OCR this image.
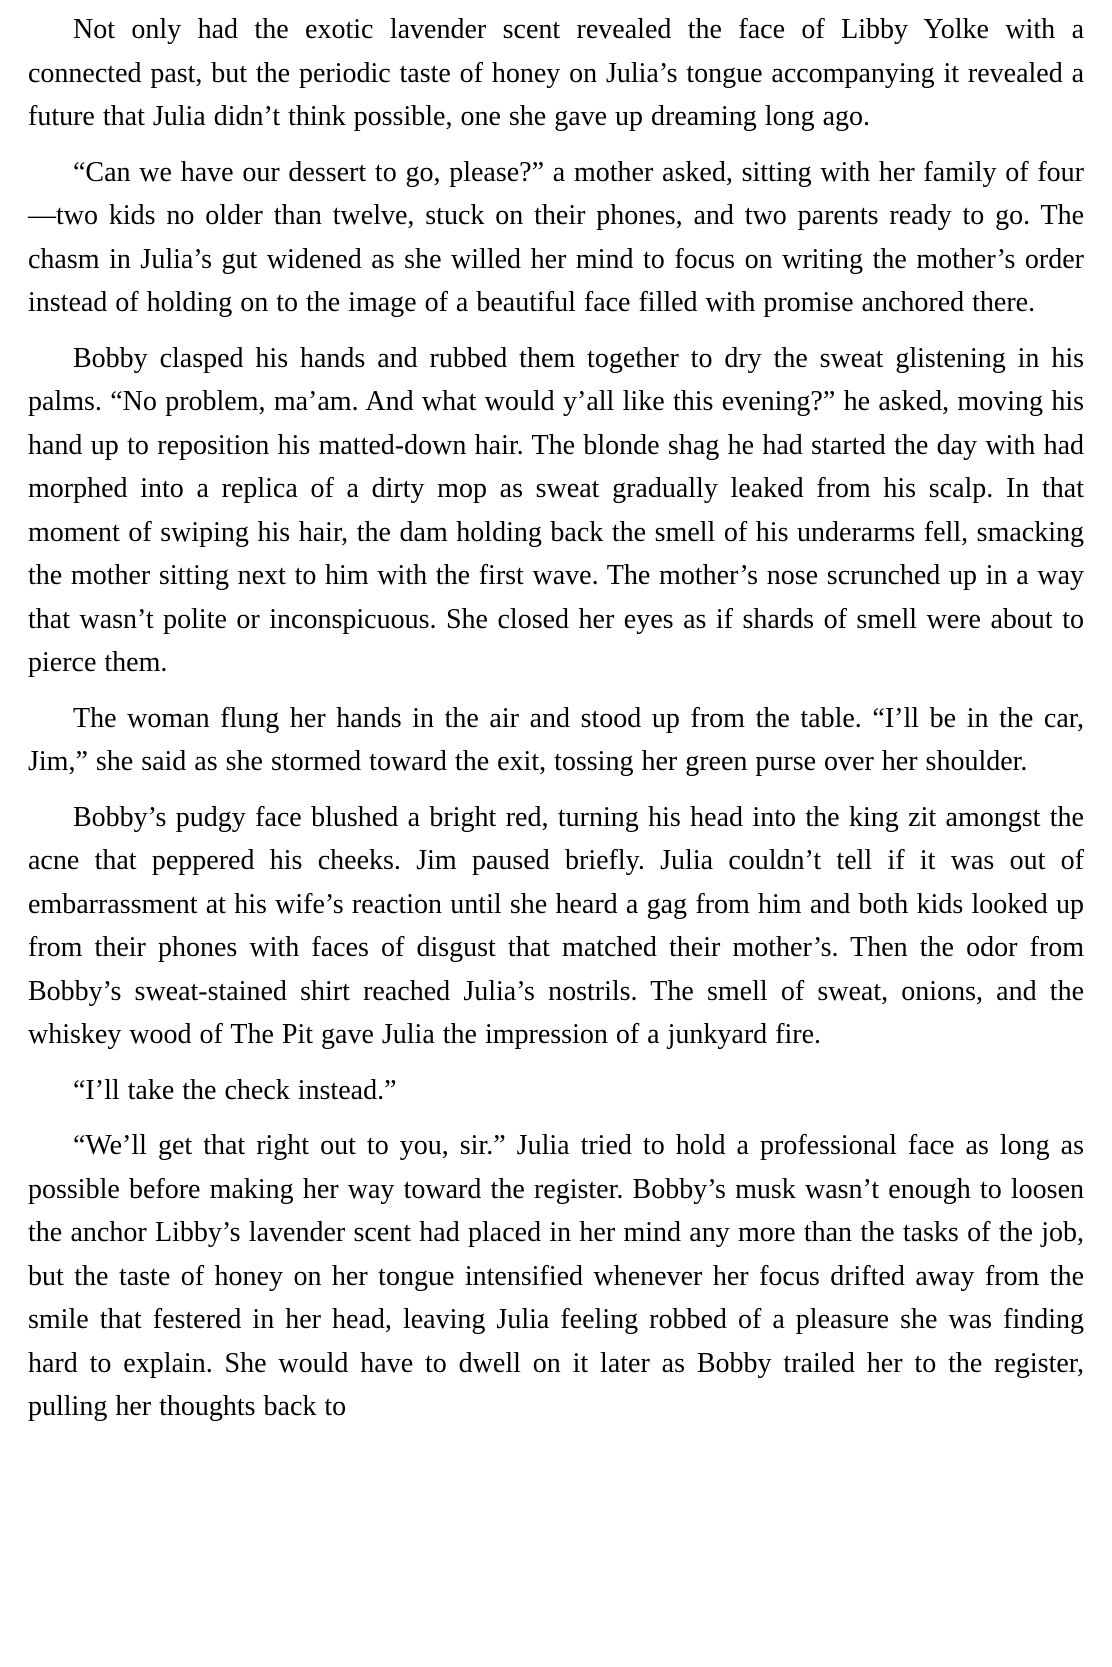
Not only had the exotic lavender scent revealed the face of Libby Yolke with a connected past, but the periodic taste of honey on Julia’s tongue accompanying it revealed a future that Julia didn’t think possible, one she gave up dreaming long ago.

“Can we have our dessert to go, please?” a mother asked, sitting with her family of four—two kids no older than twelve, stuck on their phones, and two parents ready to go. The chasm in Julia’s gut widened as she willed her mind to focus on writing the mother’s order instead of holding on to the image of a beautiful face filled with promise anchored there.

Bobby clasped his hands and rubbed them together to dry the sweat glistening in his palms. “No problem, ma’am. And what would y’all like this evening?” he asked, moving his hand up to reposition his matted-down hair. The blonde shag he had started the day with had morphed into a replica of a dirty mop as sweat gradually leaked from his scalp. In that moment of swiping his hair, the dam holding back the smell of his underarms fell, smacking the mother sitting next to him with the first wave. The mother’s nose scrunched up in a way that wasn’t polite or inconspicuous. She closed her eyes as if shards of smell were about to pierce them.

The woman flung her hands in the air and stood up from the table. “I’ll be in the car, Jim,” she said as she stormed toward the exit, tossing her green purse over her shoulder.

Bobby’s pudgy face blushed a bright red, turning his head into the king zit amongst the acne that peppered his cheeks. Jim paused briefly. Julia couldn’t tell if it was out of embarrassment at his wife’s reaction until she heard a gag from him and both kids looked up from their phones with faces of disgust that matched their mother’s. Then the odor from Bobby’s sweat-stained shirt reached Julia’s nostrils. The smell of sweat, onions, and the whiskey wood of The Pit gave Julia the impression of a junkyard fire.

“I’ll take the check instead.”

“We’ll get that right out to you, sir.” Julia tried to hold a professional face as long as possible before making her way toward the register. Bobby’s musk wasn’t enough to loosen the anchor Libby’s lavender scent had placed in her mind any more than the tasks of the job, but the taste of honey on her tongue intensified whenever her focus drifted away from the smile that festered in her head, leaving Julia feeling robbed of a pleasure she was finding hard to explain. She would have to dwell on it later as Bobby trailed her to the register, pulling her thoughts back to
